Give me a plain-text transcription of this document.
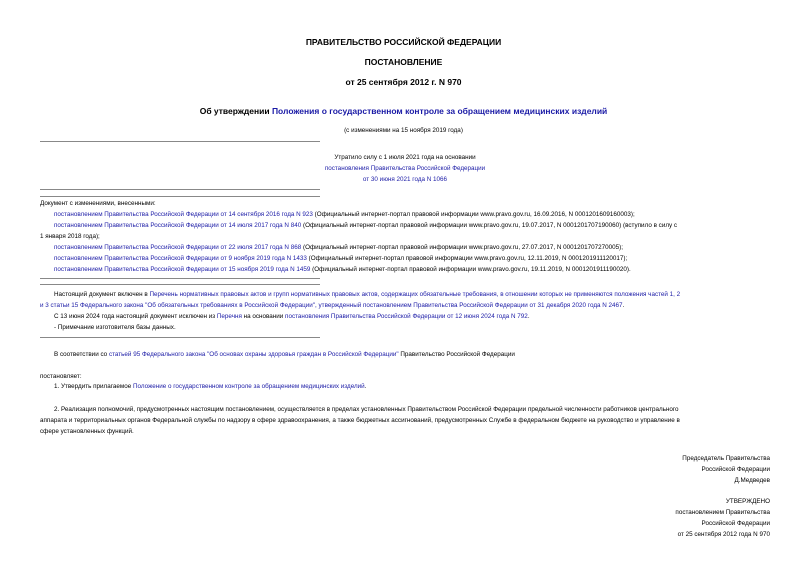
ПРАВИТЕЛЬСТВО РОССИЙСКОЙ ФЕДЕРАЦИИ
ПОСТАНОВЛЕНИЕ
от 25 сентября 2012 г. N 970
Об утверждении Положения о государственном контроле за обращением медицинских изделий
(с изменениями на 15 ноября 2019 года)
Утратило силу с 1 июля 2021 года на основании
постановления Правительства Российской Федерации
от 30 июня 2021 года N 1066
Документ с изменениями, внесенными:
постановлением Правительства Российской Федерации от 14 сентября 2016 года N 923 (Официальный интернет-портал правовой информации www.pravo.gov.ru, 16.09.2016, N 0001201609160003);
постановлением Правительства Российской Федерации от 14 июля 2017 года N 840 (Официальный интернет-портал правовой информации www.pravo.gov.ru, 19.07.2017, N 0001201707190060) (вступило в силу с
1 января 2018 года);
постановлением Правительства Российской Федерации от 22 июля 2017 года N 868 (Официальный интернет-портал правовой информации www.pravo.gov.ru, 27.07.2017, N 0001201707270005);
постановлением Правительства Российской Федерации от 9 ноября 2019 года N 1433 (Официальный интернет-портал правовой информации www.pravo.gov.ru, 12.11.2019, N 0001201911120017);
постановлением Правительства Российской Федерации от 15 ноября 2019 года N 1459 (Официальный интернет-портал правовой информации www.pravo.gov.ru, 19.11.2019, N 0001201911190020).
Настоящий документ включен в Перечень нормативных правовых актов и групп нормативных правовых актов, содержащих обязательные требования, в отношении которых не применяются положения частей 1, 2
и 3 статьи 15 Федерального закона "Об обязательных требованиях в Российской Федерации", утвержденный постановлением Правительства Российской Федерации от 31 декабря 2020 года N 2467.
С 13 июня 2024 года настоящий документ исключен из Перечня на основании постановления Правительства Российской Федерации от 12 июня 2024 года N 792.
- Примечание изготовителя базы данных.
В соответствии со статьей 95 Федерального закона "Об основах охраны здоровья граждан в Российской Федерации" Правительство Российской Федерации
постановляет:
1. Утвердить прилагаемое Положение о государственном контроле за обращением медицинских изделий.
2. Реализация полномочий, предусмотренных настоящим постановлением, осуществляется в пределах установленных Правительством Российской Федерации предельной численности работников центрального
аппарата и территориальных органов Федеральной службы по надзору в сфере здравоохранения, а также бюджетных ассигнований, предусмотренных Службе в федеральном бюджете на руководство и управление в
сфере установленных функций.
Председатель Правительства
Российской Федерации
Д.Медведев
УТВЕРЖДЕНО
постановлением Правительства
Российской Федерации
от 25 сентября 2012 года N 970
